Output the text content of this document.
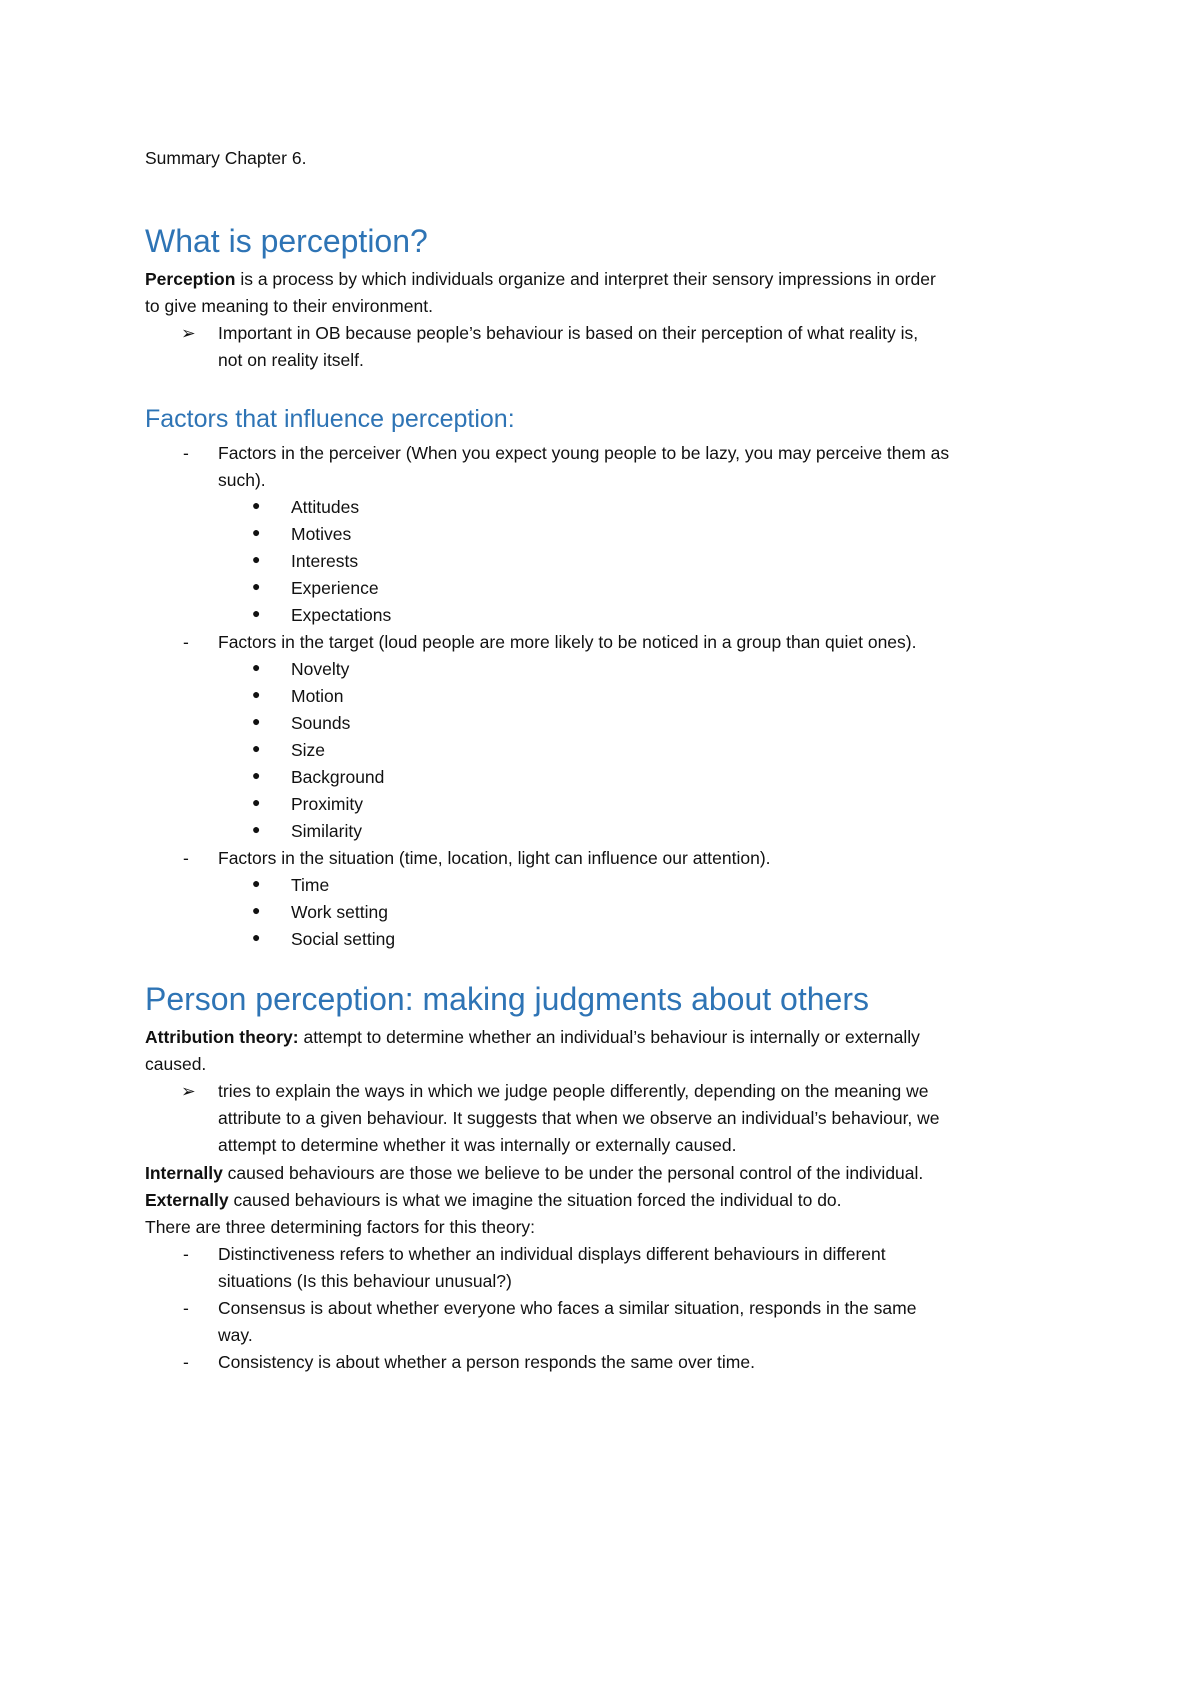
Summary Chapter 6.
What is perception?
Perception is a process by which individuals organize and interpret their sensory impressions in order
to give meaning to their environment.
➢ Important in OB because people’s behaviour is based on their perception of what reality is,
not on reality itself.
Factors that influence perception:
- Factors in the perceiver (When you expect young people to be lazy, you may perceive them as
such).
● Attitudes
● Motives
● Interests
● Experience
● Expectations
- Factors in the target (loud people are more likely to be noticed in a group than quiet ones).
● Novelty
● Motion
● Sounds
● Size
● Background
● Proximity
● Similarity
- Factors in the situation (time, location, light can influence our attention).
● Time
● Work setting
● Social setting
Person perception: making judgments about others
Attribution theory: attempt to determine whether an individual’s behaviour is internally or externally
caused.
➢ tries to explain the ways in which we judge people differently, depending on the meaning we
attribute to a given behaviour. It suggests that when we observe an individual’s behaviour, we
attempt to determine whether it was internally or externally caused.
Internally caused behaviours are those we believe to be under the personal control of the individual.
Externally caused behaviours is what we imagine the situation forced the individual to do.
There are three determining factors for this theory:
- Distinctiveness refers to whether an individual displays different behaviours in different
situations (Is this behaviour unusual?)
- Consensus is about whether everyone who faces a similar situation, responds in the same
way.
- Consistency is about whether a person responds the same over time.
